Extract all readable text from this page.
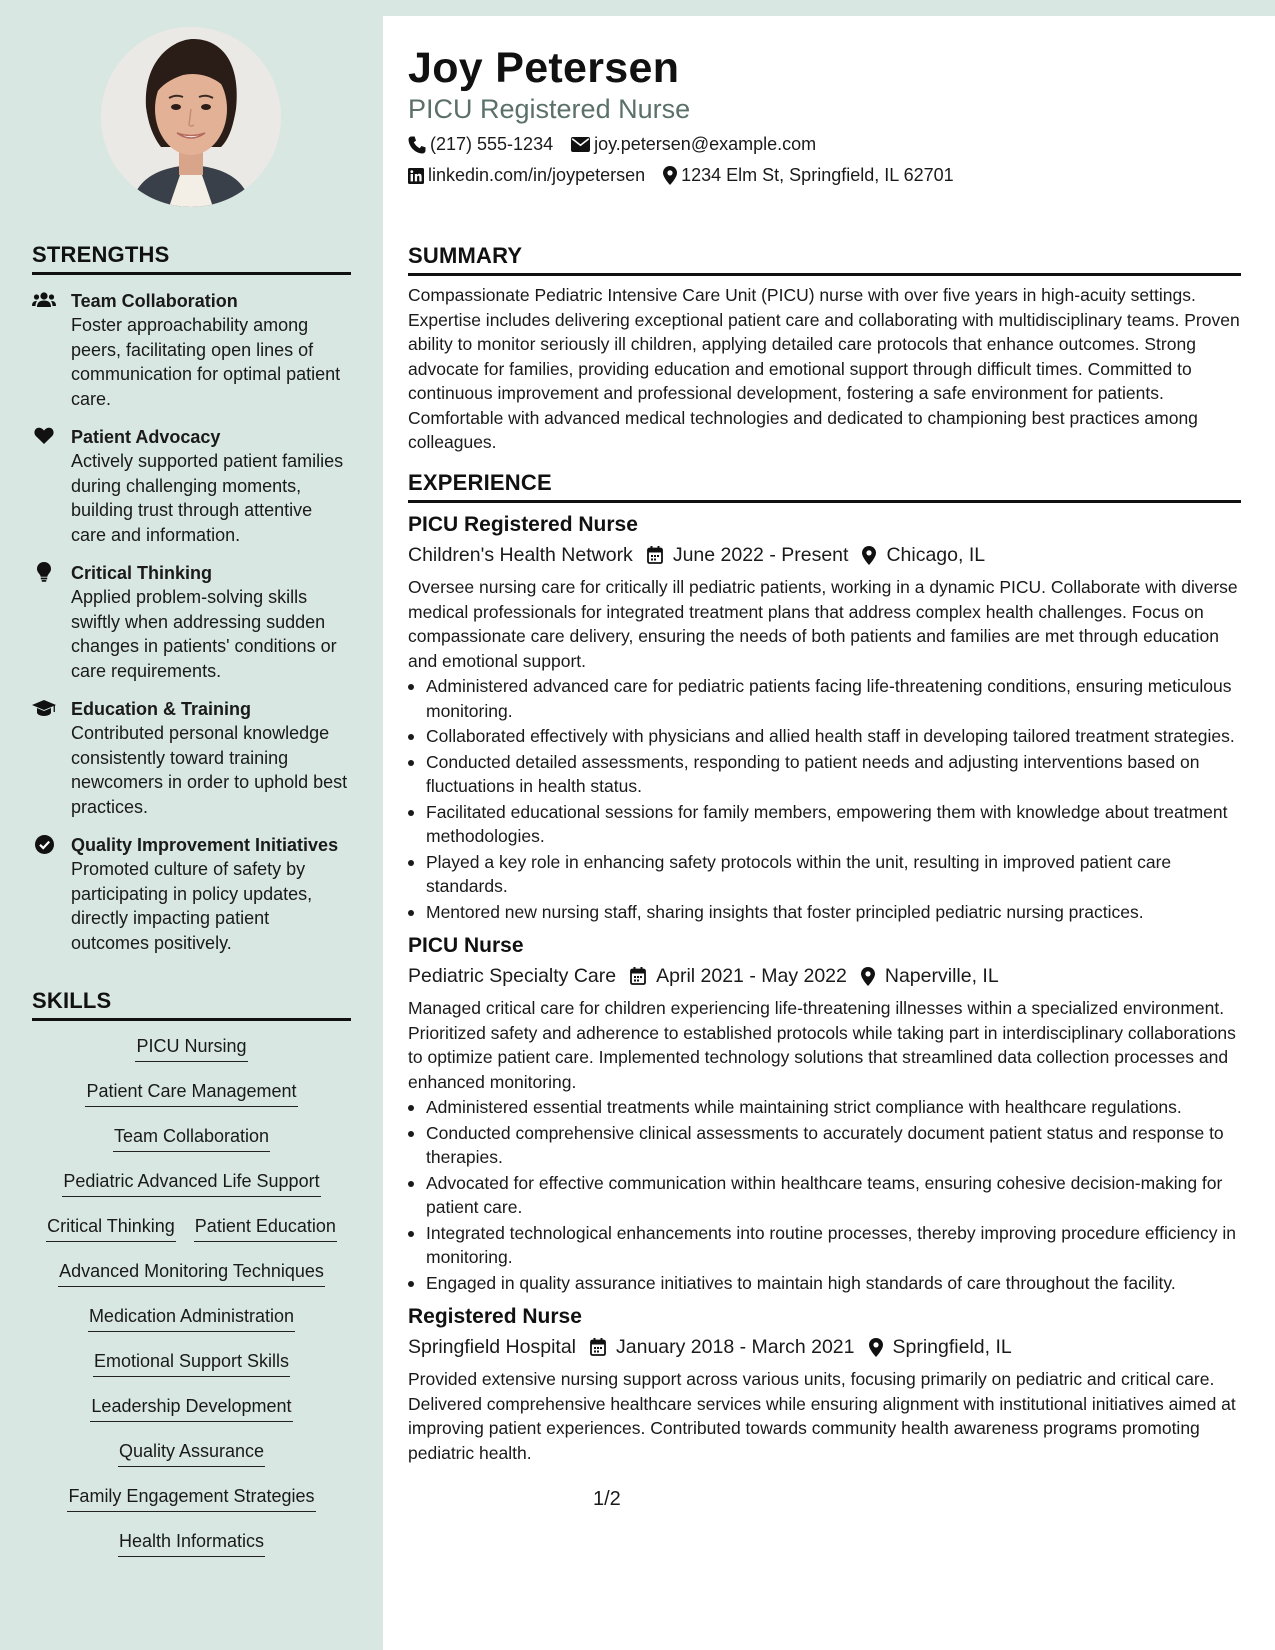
STRENGTHS
Team Collaboration
Foster approachability among peers, facilitating open lines of communication for optimal patient care.
Patient Advocacy
Actively supported patient families during challenging moments, building trust through attentive care and information.
Critical Thinking
Applied problem-solving skills swiftly when addressing sudden changes in patients' conditions or care requirements.
Education & Training
Contributed personal knowledge consistently toward training newcomers in order to uphold best practices.
Quality Improvement Initiatives
Promoted culture of safety by participating in policy updates, directly impacting patient outcomes positively.
SKILLS
PICU Nursing
Patient Care Management
Team Collaboration
Pediatric Advanced Life Support
Critical Thinking Patient Education
Advanced Monitoring Techniques
Medication Administration
Emotional Support Skills
Leadership Development
Quality Assurance
Family Engagement Strategies
Health Informatics
Joy Petersen
PICU Registered Nurse
(217) 555-1234 joy.petersen@example.com
linkedin.com/in/joypetersen 1234 Elm St, Springfield, IL 62701
SUMMARY

Compassionate Pediatric Intensive Care Unit (PICU) nurse with over five years in high-acuity settings. Expertise includes delivering exceptional patient care and collaborating with multidisciplinary teams. Proven ability to monitor seriously ill children, applying detailed care protocols that enhance outcomes. Strong advocate for families, providing education and emotional support through difficult times. Committed to continuous improvement and professional development, fostering a safe environment for patients. Comfortable with advanced medical technologies and dedicated to championing best practices among colleagues.

EXPERIENCE
PICU Registered Nurse
Children's Health Network June 2022 - Present Chicago, IL
Oversee nursing care for critically ill pediatric patients, working in a dynamic PICU. Collaborate with diverse medical professionals for integrated treatment plans that address complex health challenges. Focus on compassionate care delivery, ensuring the needs of both patients and families are met through education and emotional support.
Administered advanced care for pediatric patients facing life-threatening conditions, ensuring meticulous monitoring.
Collaborated effectively with physicians and allied health staff in developing tailored treatment strategies.
Conducted detailed assessments, responding to patient needs and adjusting interventions based on fluctuations in health status.
Facilitated educational sessions for family members, empowering them with knowledge about treatment methodologies.
Played a key role in enhancing safety protocols within the unit, resulting in improved patient care standards.
Mentored new nursing staff, sharing insights that foster principled pediatric nursing practices.
PICU Nurse
Pediatric Specialty Care April 2021 - May 2022 Naperville, IL
Managed critical care for children experiencing life-threatening illnesses within a specialized environment. Prioritized safety and adherence to established protocols while taking part in interdisciplinary collaborations to optimize patient care. Implemented technology solutions that streamlined data collection processes and enhanced monitoring.
Administered essential treatments while maintaining strict compliance with healthcare regulations.
Conducted comprehensive clinical assessments to accurately document patient status and response to therapies.
Advocated for effective communication within healthcare teams, ensuring cohesive decision-making for patient care.
Integrated technological enhancements into routine processes, thereby improving procedure efficiency in monitoring.
Engaged in quality assurance initiatives to maintain high standards of care throughout the facility.
Registered Nurse
Springfield Hospital January 2018 - March 2021 Springfield, IL
Provided extensive nursing support across various units, focusing primarily on pediatric and critical care. Delivered comprehensive healthcare services while ensuring alignment with institutional initiatives aimed at improving patient experiences. Contributed towards community health awareness programs promoting pediatric health.
1/2
